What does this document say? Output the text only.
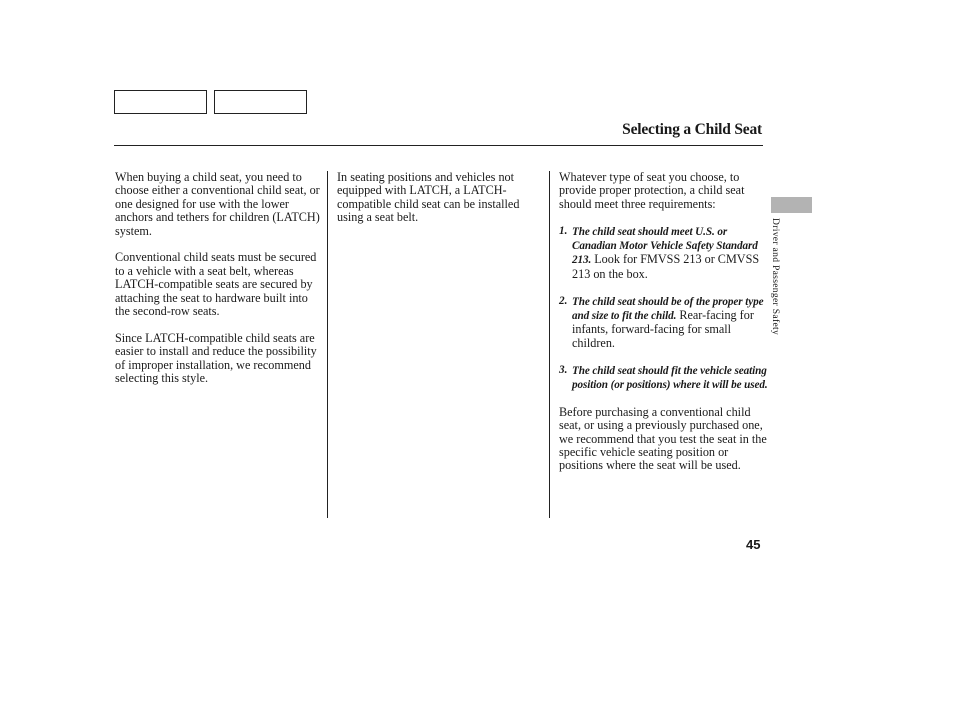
Selecting a Child Seat

When buying a child seat, you need to choose either a conventional child seat, or one designed for use with the lower anchors and tethers for children (LATCH) system.

Conventional child seats must be secured to a vehicle with a seat belt, whereas LATCH-compatible seats are secured by attaching the seat to hardware built into the second-row seats.

Since LATCH-compatible child seats are easier to install and reduce the possibility of improper installation, we recommend selecting this style.

In seating positions and vehicles not equipped with LATCH, a LATCH-compatible child seat can be installed using a seat belt.

Whatever type of seat you choose, to provide proper protection, a child seat should meet three requirements:

1. The child seat should meet U.S. or Canadian Motor Vehicle Safety Standard 213. Look for FMVSS 213 or CMVSS 213 on the box.
2. The child seat should be of the proper type and size to fit the child. Rear-facing for infants, forward-facing for small children.
3. The child seat should fit the vehicle seating position (or positions) where it will be used.

Before purchasing a conventional child seat, or using a previously purchased one, we recommend that you test the seat in the specific vehicle seating position or positions where the seat will be used.

Driver and Passenger Safety
45
